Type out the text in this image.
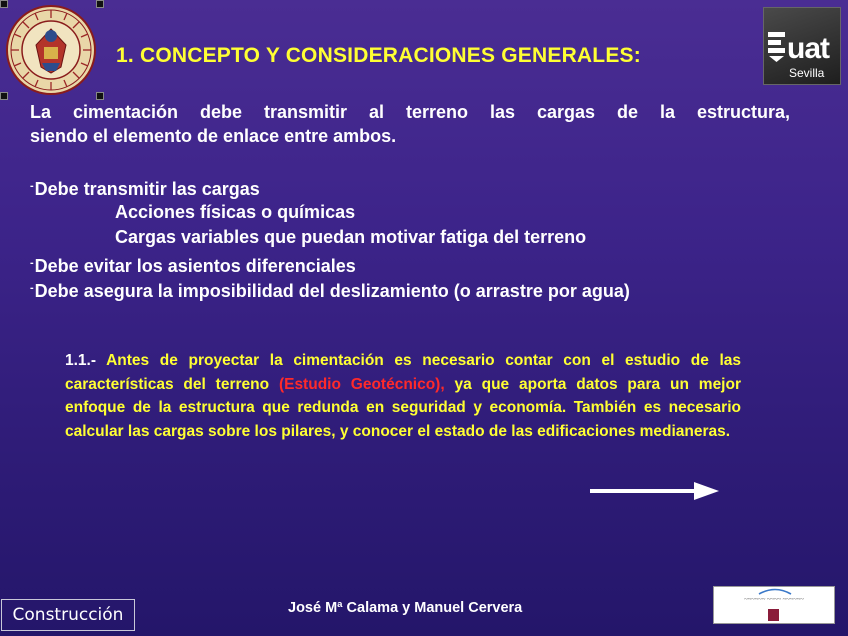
1. CONCEPTO Y CONSIDERACIONES GENERALES:	uat
Sevilla

La cimentación debe transmitir al terreno las cargas de la estructura,
siendo el elemento de enlace entre ambos.

-Debe transmitir las cargas
Acciones físicas o químicas
Cargas variables que puedan motivar fatiga del terreno
-Debe evitar los asientos diferenciales
-Debe asegura la imposibilidad del deslizamiento (o arrastre por agua)

1.1.- Antes de proyectar la cimentación es necesario contar con el estudio de las características del terreno (Estudio Geotécnico), ya que aporta datos para un mejor enfoque de la estructura que redunda en seguridad y economía. También es necesario calcular las cargas sobre los pilares, y conocer el estado de las edificaciones medianeras.

Construcción	José Mª Calama y Manuel Cervera
~~~~~~ ~~~~ ~~~~~~
